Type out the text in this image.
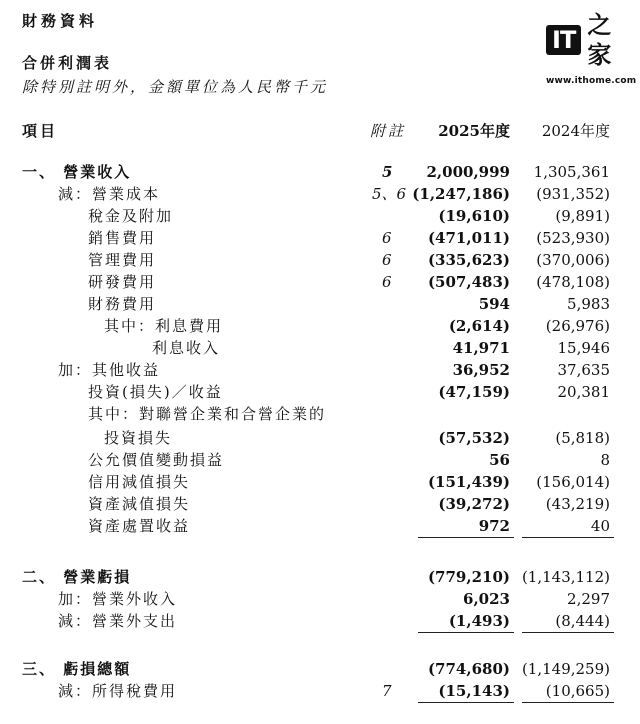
財務資料
IT
之家
www.ithome.com
合併利潤表
除特別註明外，金額單位為人民幣千元
項目	附註 2025年度 2024年度
一、 營業收入	5 2,000,999 1,305,361
減：營業成本	5、6 (1,247,186) (931,352)
稅金及附加	(19,610)	(9,891)
銷售費用	6 (471,011) (523,930)
管理費用	6 (335,623) (370,006)
研發費用	6 (507,483) (478,108)
財務費用	594	5,983
其中：利息費用	(2,614) (26,976)
利息收入	41,971	15,946
加：其他收益	36,952	37,635
投資(損失)／收益	(47,159)	20,381
其中：對聯營企業和合營企業的
投資損失	(57,532)	(5,818)
公允價值變動損益	56	8
信用減值損失	(151,439) (156,014)
資產減值損失	(39,272) (43,219)
資產處置收益	972	40
二、 營業虧損	(779,210) (1,143,112)
加：營業外收入	6,023	2,297
減：營業外支出	(1,493)	(8,444)
三、 虧損總額	(774,680) (1,149,259)
減：所得稅費用	7	(15,143) (10,665)
